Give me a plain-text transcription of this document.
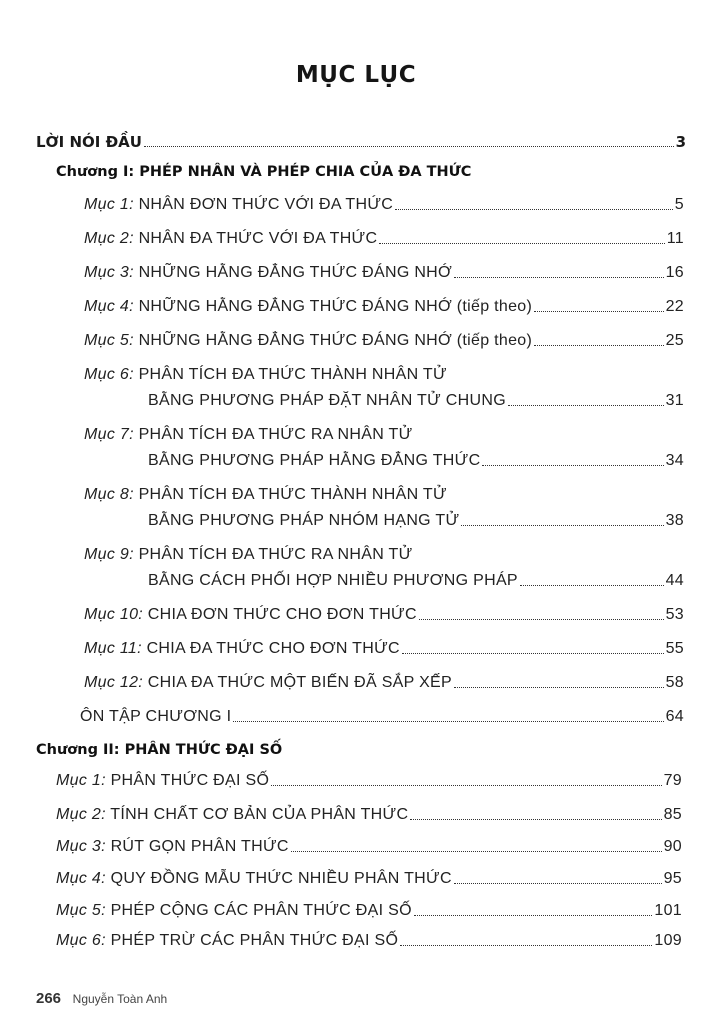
MỤC LỤC
LỜI NÓI ĐẦU	3
Chương I: PHÉP NHÂN VÀ PHÉP CHIA CỦA ĐA THỨC
Mục 1: NHÂN ĐƠN THỨC VỚI ĐA THỨC	5
Mục 2: NHÂN ĐA THỨC VỚI ĐA THỨC	11
Mục 3: NHỮNG HẰNG ĐẲNG THỨC ĐÁNG NHỚ	16
Mục 4: NHỮNG HẰNG ĐẲNG THỨC ĐÁNG NHỚ (tiếp theo)	22
Mục 5: NHỮNG HẰNG ĐẲNG THỨC ĐÁNG NHỚ (tiếp theo)	25
Mục 6: PHÂN TÍCH ĐA THỨC THÀNH NHÂN TỬ
BẰNG PHƯƠNG PHÁP ĐẶT NHÂN TỬ CHUNG	31
Mục 7: PHÂN TÍCH ĐA THỨC RA NHÂN TỬ
BẰNG PHƯƠNG PHÁP HẰNG ĐẲNG THỨC	34
Mục 8: PHÂN TÍCH ĐA THỨC THÀNH NHÂN TỬ
BẰNG PHƯƠNG PHÁP NHÓM HẠNG TỬ	38
Mục 9: PHÂN TÍCH ĐA THỨC RA NHÂN TỬ
BẰNG CÁCH PHỐI HỢP NHIỀU PHƯƠNG PHÁP	44
Mục 10: CHIA ĐƠN THỨC CHO ĐƠN THỨC	53
Mục 11: CHIA ĐA THỨC CHO ĐƠN THỨC	55
Mục 12: CHIA ĐA THỨC MỘT BIẾN ĐÃ SẮP XẾP	58
ÔN TẬP CHƯƠNG I	64
Chương II: PHÂN THỨC ĐẠI SỐ
Mục 1: PHÂN THỨC ĐẠI SỐ	79
Mục 2: TÍNH CHẤT CƠ BẢN CỦA PHÂN THỨC	85
Mục 3: RÚT GỌN PHÂN THỨC	90
Mục 4: QUY ĐỒNG MẪU THỨC NHIỀU PHÂN THỨC	95
Mục 5: PHÉP CỘNG CÁC PHÂN THỨC ĐẠI SỐ	101
Mục 6: PHÉP TRỪ CÁC PHÂN THỨC ĐẠI SỐ	109
266 Nguyễn Toàn Anh
